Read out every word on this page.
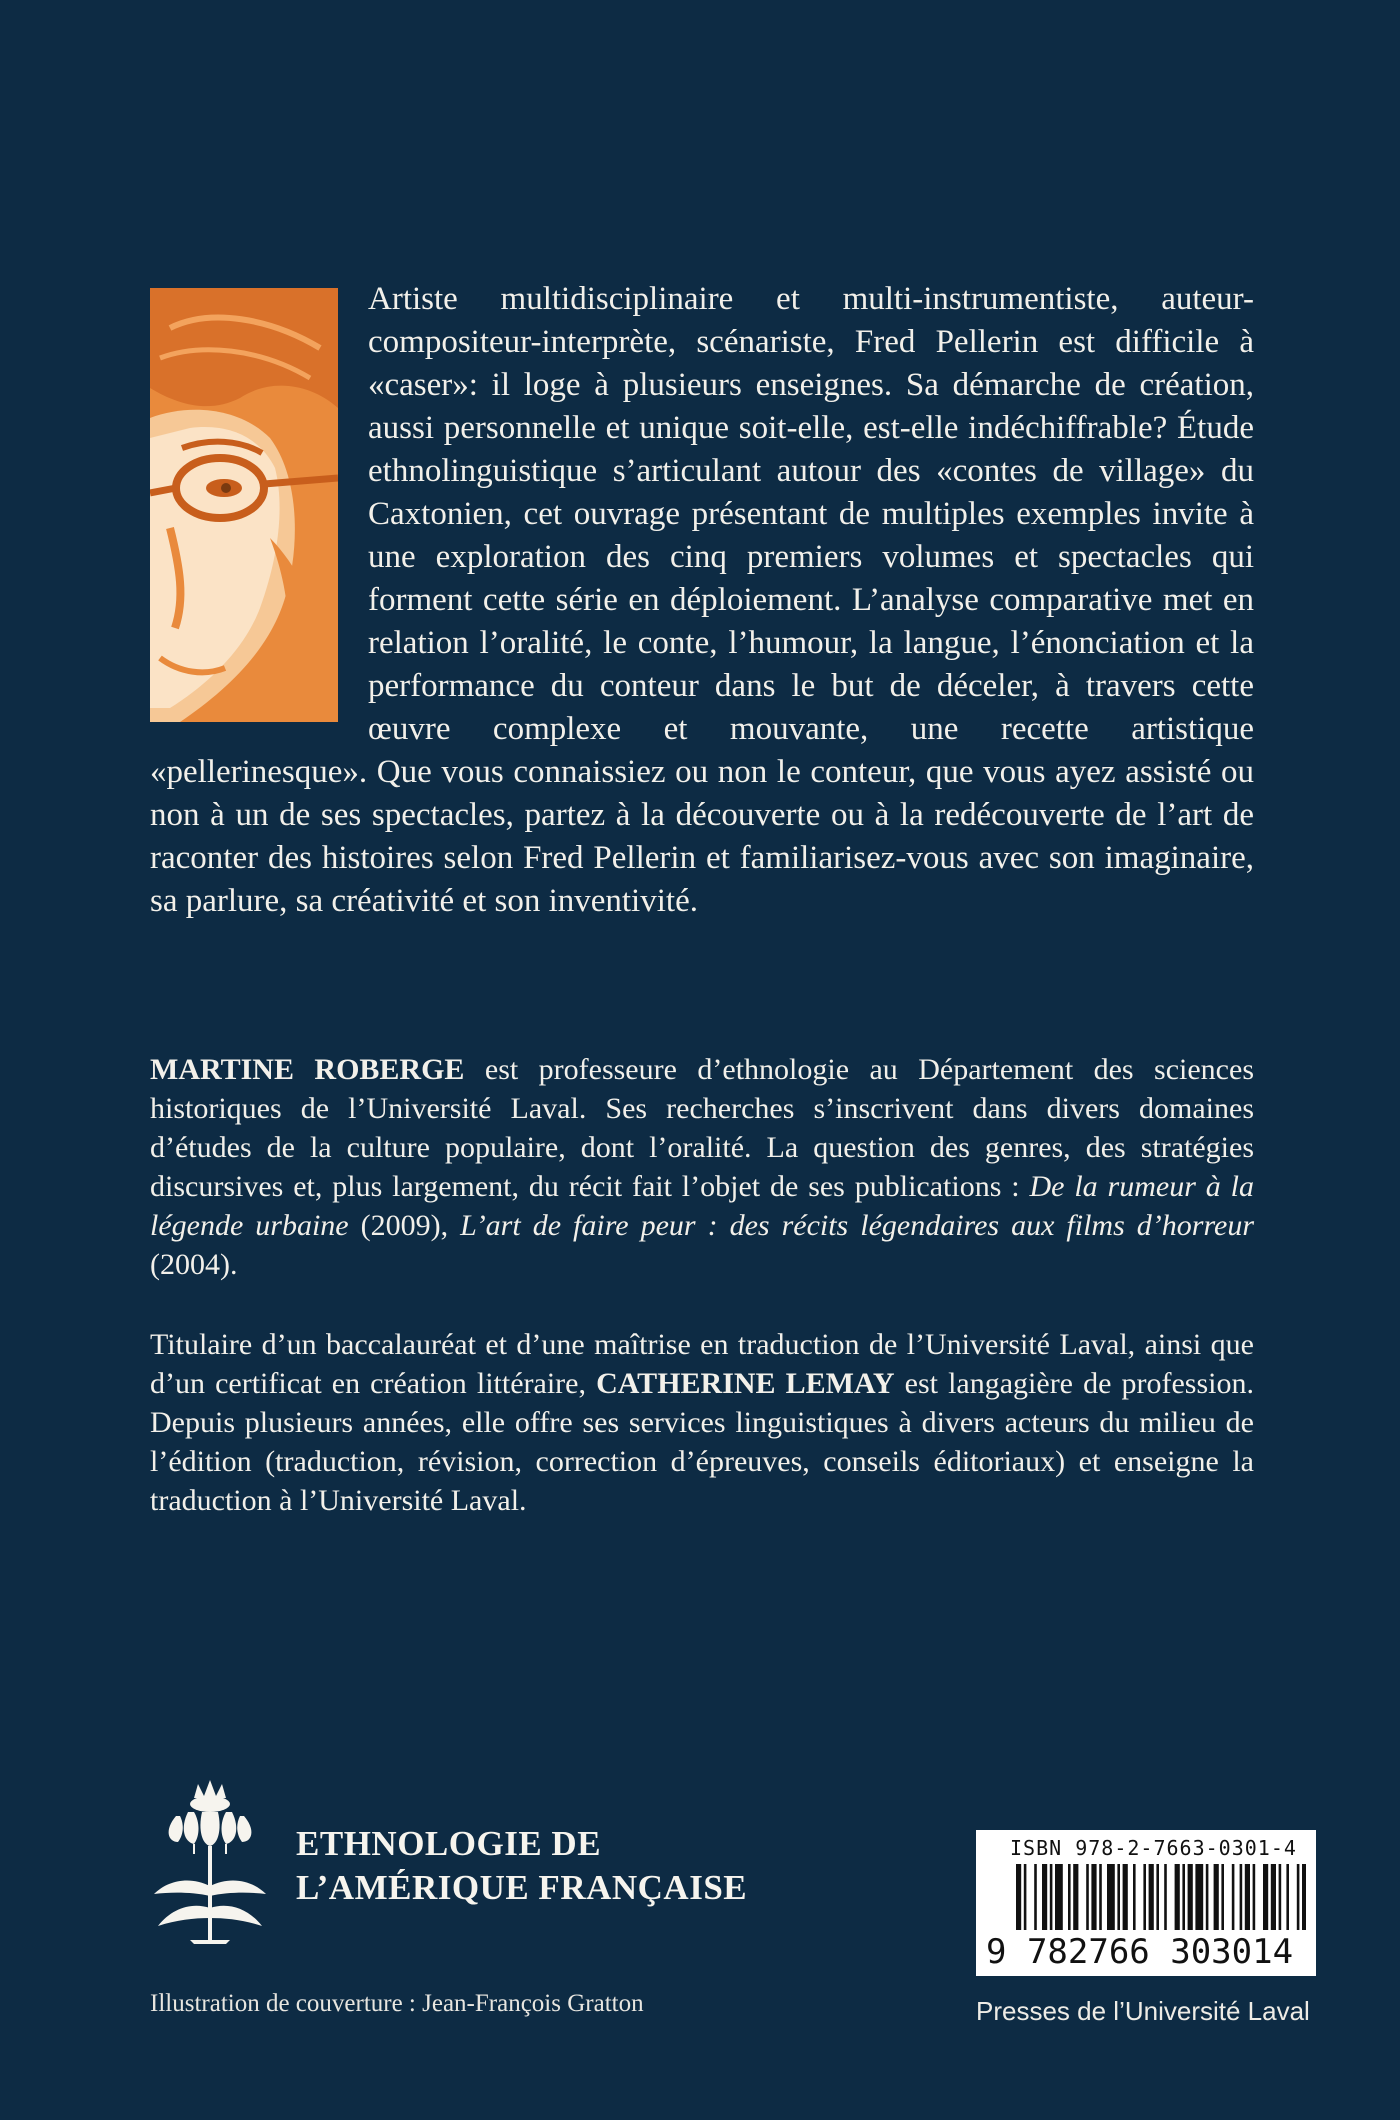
Artiste multidisciplinaire et multi-instrumentiste, auteur-compositeur-interprète, scénariste, Fred Pellerin est difficile à «caser»: il loge à plusieurs enseignes. Sa démarche de création, aussi personnelle et unique soit-elle, est-elle indéchiffrable? Étude ethnolinguistique s’articulant autour des «contes de village» du Caxtonien, cet ouvrage présentant de multiples exemples invite à une exploration des cinq premiers volumes et spectacles qui forment cette série en déploiement. L’analyse comparative met en relation l’oralité, le conte, l’humour, la langue, l’énonciation et la performance du conteur dans le but de déceler, à travers cette œuvre complexe et mouvante, une recette artistique «pellerinesque». Que vous connaissiez ou non le conteur, que vous ayez assisté ou non à un de ses spectacles, partez à la découverte ou à la redécouverte de l’art de raconter des histoires selon Fred Pellerin et familiarisez-vous avec son imaginaire, sa parlure, sa créativité et son inventivité.

MARTINE ROBERGE est professeure d’ethnologie au Département des sciences historiques de l’Université Laval. Ses recherches s’inscrivent dans divers domaines d’études de la culture populaire, dont l’oralité. La question des genres, des stratégies discursives et, plus largement, du récit fait l’objet de ses publications : De la rumeur à la légende urbaine (2009), L’art de faire peur : des récits légendaires aux films d’horreur (2004).

Titulaire d’un baccalauréat et d’une maîtrise en traduction de l’Université Laval, ainsi que d’un certificat en création littéraire, CATHERINE LEMAY est langagière de profession. Depuis plusieurs années, elle offre ses services linguistiques à divers acteurs du milieu de l’édition (traduction, révision, correction d’épreuves, conseils éditoriaux) et enseigne la traduction à l’Université Laval.

ETHNOLOGIE DE
L’AMÉRIQUE FRANÇAISE
Illustration de couverture : Jean-François Gratton
ISBN 978-2-7663-0301-4
9 782766 303014
Presses de l’Université Laval
